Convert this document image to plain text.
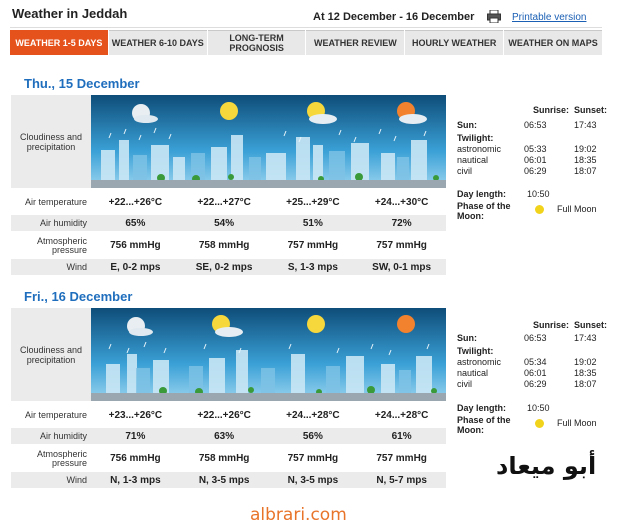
Weather in Jeddah	At 12 December - 16 December	Printable version
WEATHER 1-5 DAYS	WEATHER 6-10 DAYS	LONG-TERM PROGNOSIS	WEATHER REVIEW	HOURLY WEATHER	WEATHER ON MAPS
Thu., 15 December
Cloudiness and precipitation
Air temperature	+22...+26°C	+22...+27°C	+25...+29°C	+24...+30°C
Air humidity	65%	54%	51%	72%
Atmospheric pressure	756 mmHg	758 mmHg	757 mmHg	757 mmHg
Wind	E, 0-2 mps	SE, 0-2 mps	S, 1-3 mps	SW, 0-1 mps
Sunrise: Sunset:
Sun:	06:53	17:43
Twilight:
astronomic	05:33	19:02
nautical	06:01	18:35
civil	06:29	18:07
Day length:	10:50
Phase of the Moon:
Full Moon
Fri., 16 December
Cloudiness and precipitation
Air temperature	+23...+26°C	+22...+26°C	+24...+28°C	+24...+28°C
Air humidity	71%	63%	56%	61%
Atmospheric pressure	756 mmHg	758 mmHg	757 mmHg	757 mmHg
Wind	N, 1-3 mps	N, 3-5 mps	N, 3-5 mps	N, 5-7 mps
Sunrise: Sunset:
Sun:	06:53	17:43
Twilight:
astronomic	05:34	19:02
nautical	06:01	18:35
civil	06:29	18:07
Day length:	10:50
Phase of the Moon:
Full Moon
أبو ميعاد
albrari.com
